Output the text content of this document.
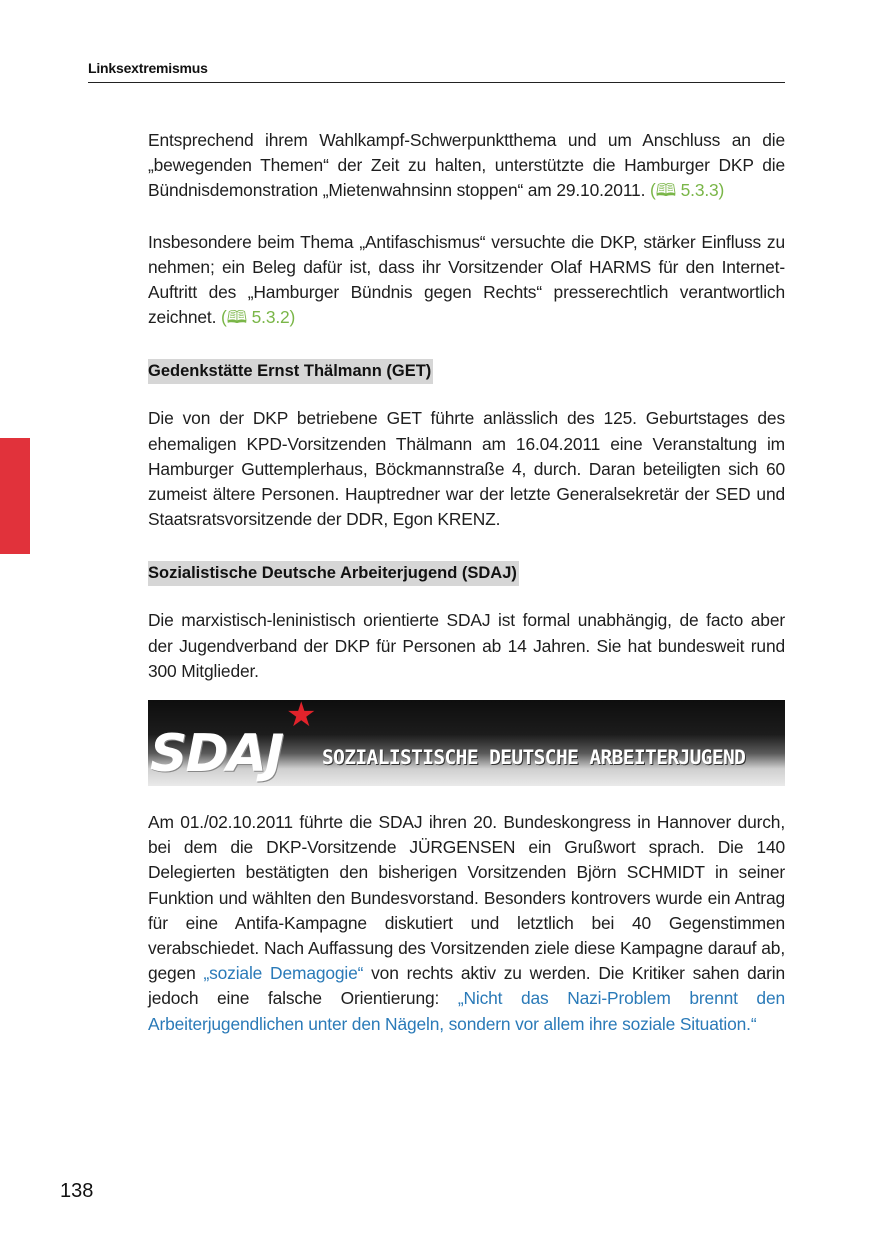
Linksextremismus

Entsprechend ihrem Wahlkampf-Schwerpunktthema und um Anschluss an die „bewegenden Themen“ der Zeit zu halten, unterstützte die Hamburger DKP die Bündnisdemonstration „Mietenwahnsinn stoppen“ am 29.10.2011. (🕮 5.3.3)

Insbesondere beim Thema „Antifaschismus“ versuchte die DKP, stärker Einfluss zu nehmen; ein Beleg dafür ist, dass ihr Vorsitzender Olaf HARMS für den Internet-Auftritt des „Hamburger Bündnis gegen Rechts“ presserechtlich verantwortlich zeichnet. (🕮 5.3.2)

Gedenkstätte Ernst Thälmann (GET)

Die von der DKP betriebene GET führte anlässlich des 125. Geburtstages des ehemaligen KPD-Vorsitzenden Thälmann am 16.04.2011 eine Veranstaltung im Hamburger Guttemplerhaus, Böckmannstraße 4, durch. Daran beteiligten sich 60 zumeist ältere Personen. Hauptredner war der letzte Generalsekretär der SED und Staatsratsvorsitzende der DDR, Egon KRENZ.

Sozialistische Deutsche Arbeiterjugend (SDAJ)

Die marxistisch-leninistisch orientierte SDAJ ist formal unabhängig, de facto aber der Jugendverband der DKP für Personen ab 14 Jahren. Sie hat bundesweit rund 300 Mitglieder.

★
SDAJ SOZIALISTISCHE DEUTSCHE ARBEITERJUGEND

Am 01./02.10.2011 führte die SDAJ ihren 20. Bundeskongress in Hannover durch, bei dem die DKP-Vorsitzende JÜRGENSEN ein Grußwort sprach. Die 140 Delegierten bestätigten den bisherigen Vorsitzenden Björn SCHMIDT in seiner Funktion und wählten den Bundesvorstand. Besonders kontrovers wurde ein Antrag für eine Antifa-Kampagne diskutiert und letztlich bei 40 Gegenstimmen verabschiedet. Nach Auffassung des Vorsitzenden ziele diese Kampagne darauf ab, gegen „soziale Demagogie“ von rechts aktiv zu werden. Die Kritiker sahen darin jedoch eine falsche Orientierung: „Nicht das Nazi-Problem brennt den Arbeiterjugendlichen unter den Nägeln, sondern vor allem ihre soziale Situation.“

138
